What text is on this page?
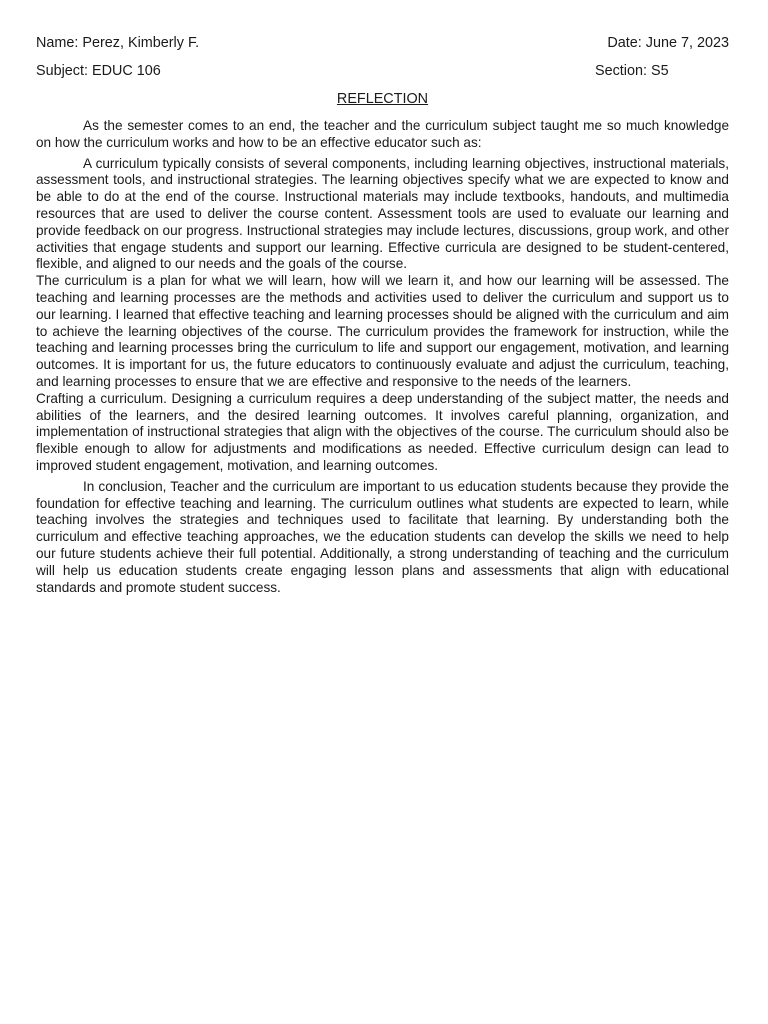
Name: Perez, Kimberly F.	Date: June 7, 2023
Subject: EDUC 106	Section: S5
REFLECTION

As the semester comes to an end, the teacher and the curriculum subject taught me so much knowledge on how the curriculum works and how to be an effective educator such as:

A curriculum typically consists of several components, including learning objectives, instructional materials, assessment tools, and instructional strategies. The learning objectives specify what we are expected to know and be able to do at the end of the course. Instructional materials may include textbooks, handouts, and multimedia resources that are used to deliver the course content. Assessment tools are used to evaluate our learning and provide feedback on our progress. Instructional strategies may include lectures, discussions, group work, and other activities that engage students and support our learning. Effective curricula are designed to be student-centered, flexible, and aligned to our needs and the goals of the course.

The curriculum is a plan for what we will learn, how will we learn it, and how our learning will be assessed. The teaching and learning processes are the methods and activities used to deliver the curriculum and support us to our learning. I learned that effective teaching and learning processes should be aligned with the curriculum and aim to achieve the learning objectives of the course. The curriculum provides the framework for instruction, while the teaching and learning processes bring the curriculum to life and support our engagement, motivation, and learning outcomes. It is important for us, the future educators to continuously evaluate and adjust the curriculum, teaching, and learning processes to ensure that we are effective and responsive to the needs of the learners.

Crafting a curriculum. Designing a curriculum requires a deep understanding of the subject matter, the needs and abilities of the learners, and the desired learning outcomes. It involves careful planning, organization, and implementation of instructional strategies that align with the objectives of the course. The curriculum should also be flexible enough to allow for adjustments and modifications as needed. Effective curriculum design can lead to improved student engagement, motivation, and learning outcomes.

In conclusion, Teacher and the curriculum are important to us education students because they provide the foundation for effective teaching and learning. The curriculum outlines what students are expected to learn, while teaching involves the strategies and techniques used to facilitate that learning. By understanding both the curriculum and effective teaching approaches, we the education students can develop the skills we need to help our future students achieve their full potential. Additionally, a strong understanding of teaching and the curriculum will help us education students create engaging lesson plans and assessments that align with educational standards and promote student success.
